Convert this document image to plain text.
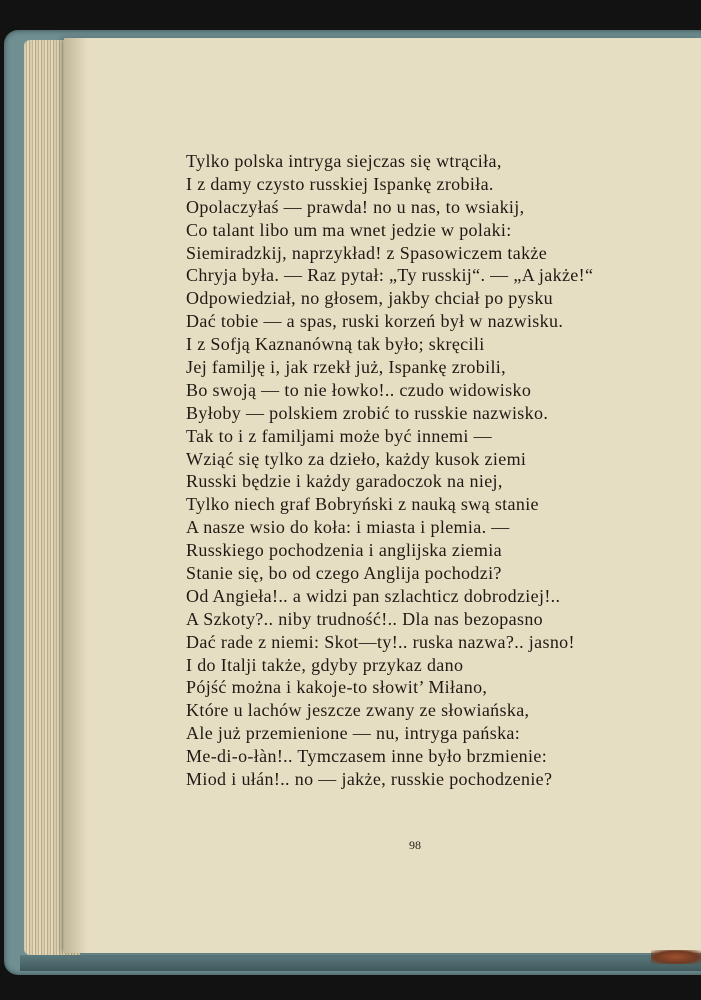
Tylko polska intryga siejczas się wtrąciła,
I z damy czysto russkiej Ispankę zrobiła.
Opolaczyłaś — prawda! no u nas, to wsiakij,
Co talant libo um ma wnet jedzie w polaki:
Siemiradzkij, naprzykład! z Spasowiczem także
Chryja była. — Raz pytał: „Ty russkij“. — „A jakże!“
Odpowiedział, no głosem, jakby chciał po pysku
Dać tobie — a spas, ruski korzeń był w nazwisku.
I z Sofją Kaznanówną tak było; skręcili
Jej familję i, jak rzekł już, Ispankę zrobili,
Bo swoją — to nie łowko!.. czudo widowisko
Byłoby — polskiem zrobić to russkie nazwisko.
Tak to i z familjami może być innemi —
Wziąć się tylko za dzieło, każdy kusok ziemi
Russki będzie i każdy garadoczok na niej,
Tylko niech graf Bobryński z nauką swą stanie
A nasze wsio do koła: i miasta i plemia. —
Russkiego pochodzenia i anglijska ziemia
Stanie się, bo od czego Anglija pochodzi?
Od Angieła!.. a widzi pan szlachticz dobrodziej!..
A Szkoty?.. niby trudność!.. Dla nas bezopasno
Dać rade z niemi: Skot—ty!.. ruska nazwa?.. jasno!
I do Italji także, gdyby przykaz dano
Pójść można i kakoje‑to słowit’ Miłano,
Które u lachów jeszcze zwany ze słowiańska,
Ale już przemienione — nu, intryga pańska:
Me‑di‑o‑łàn!.. Tymczasem inne było brzmienie:
Miod i ułán!.. no — jakże, russkie pochodzenie?
98
